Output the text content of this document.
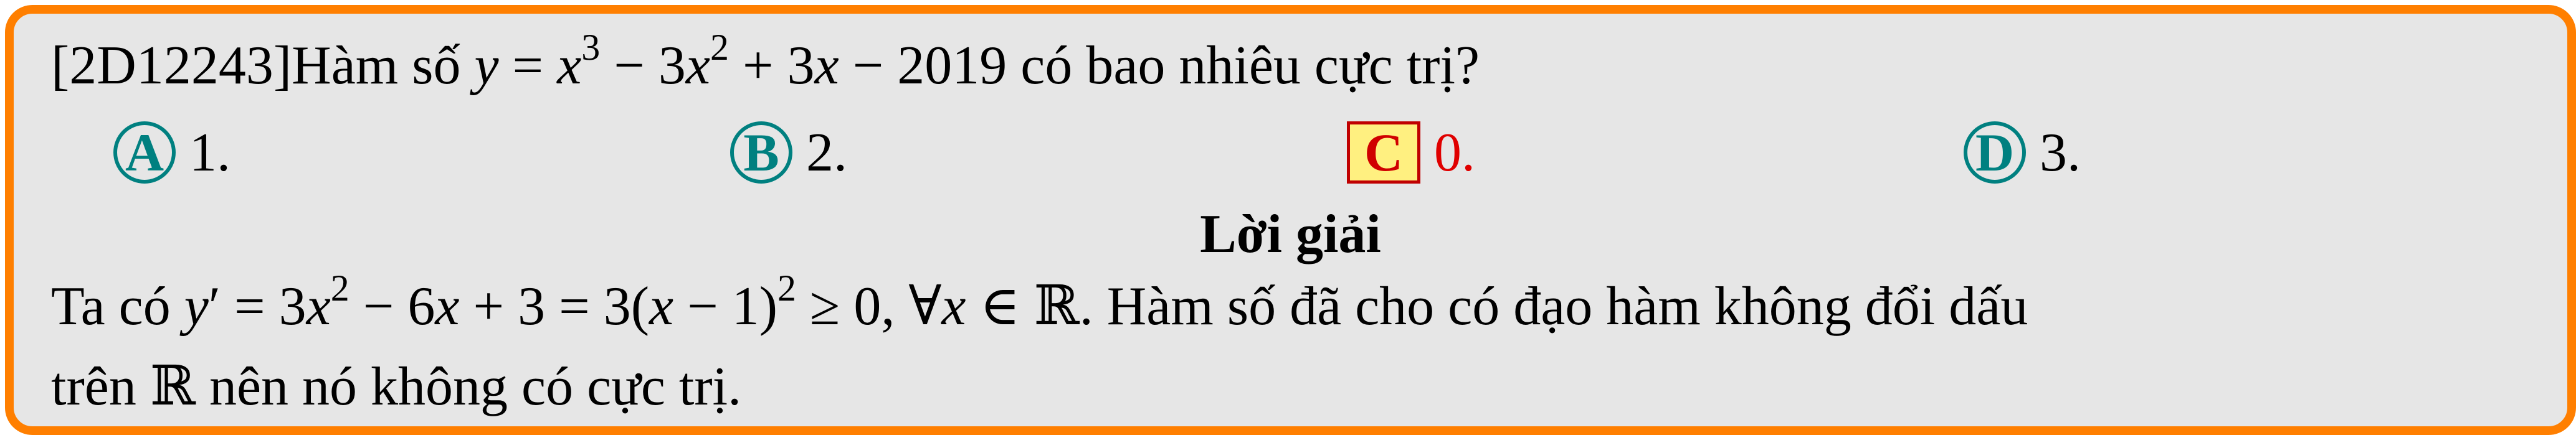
[2D12243]Hàm số $y = x^3 - 3x^2 + 3x - 2019$ có bao nhiêu cực trị?
A 1.	B 2.	C 0.	D 3.
Lời giải
Ta có $y' = 3x^2 - 6x + 3 = 3(x - 1)^2 \ge 0$, ∀x ∈ ℝ. Hàm số đã cho có đạo hàm không đổi dấu
trên ℝ nên nó không có cực trị.
